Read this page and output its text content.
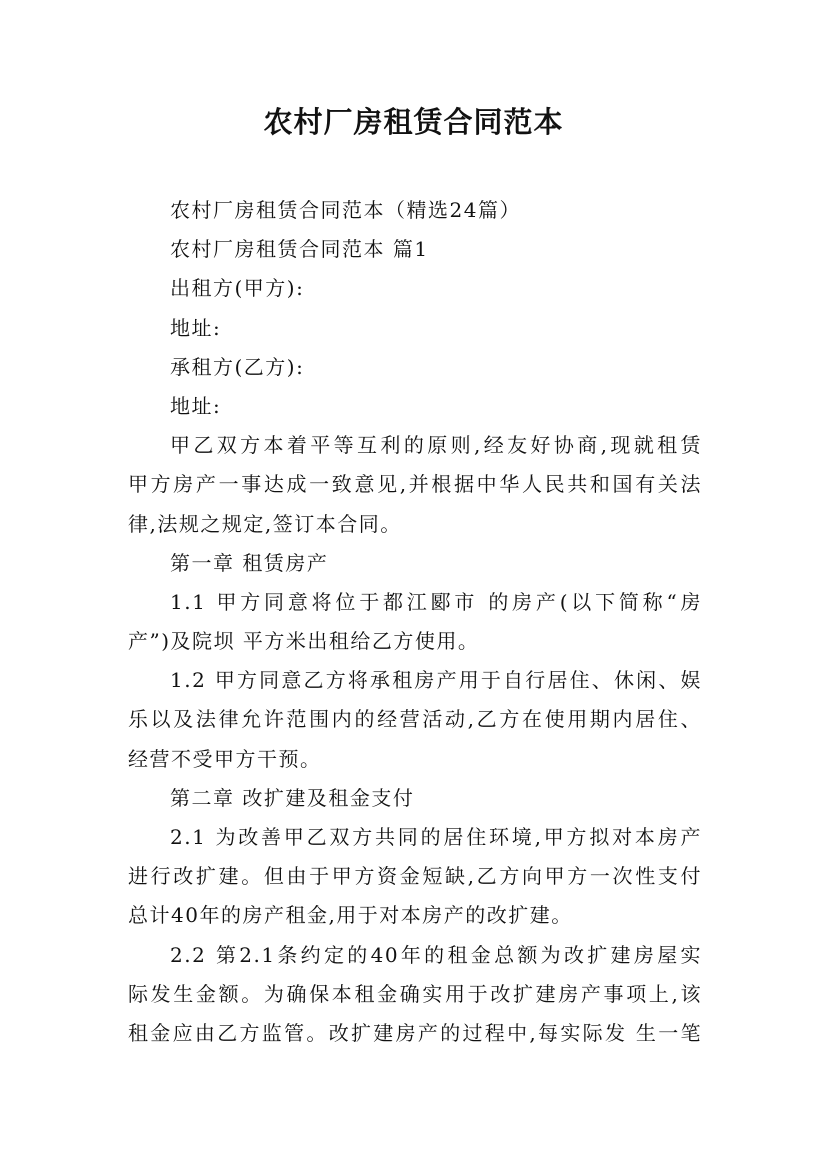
农村厂房租赁合同范本
农村厂房租赁合同范本（精选24篇）
农村厂房租赁合同范本 篇1
出租方(甲方):
地址:
承租方(乙方):
地址:
甲乙双方本着平等互利的原则,经友好协商,现就租赁
甲方房产一事达成一致意见,并根据中华人民共和国有关法
律,法规之规定,签订本合同。
第一章 租赁房产
1.1 甲方同意将位于都江郾市 的房产(以下简称“房
产”)及院坝 平方米出租给乙方使用。
1.2 甲方同意乙方将承租房产用于自行居住、休闲、娱
乐以及法律允许范围内的经营活动,乙方在使用期内居住、
经营不受甲方干预。
第二章 改扩建及租金支付
2.1 为改善甲乙双方共同的居住环境,甲方拟对本房产
进行改扩建。但由于甲方资金短缺,乙方向甲方一次性支付
总计40年的房产租金,用于对本房产的改扩建。
2.2 第2.1条约定的40年的租金总额为改扩建房屋实
际发生金额。为确保本租金确实用于改扩建房产事项上,该
租金应由乙方监管。改扩建房产的过程中,每实际发 生一笔
